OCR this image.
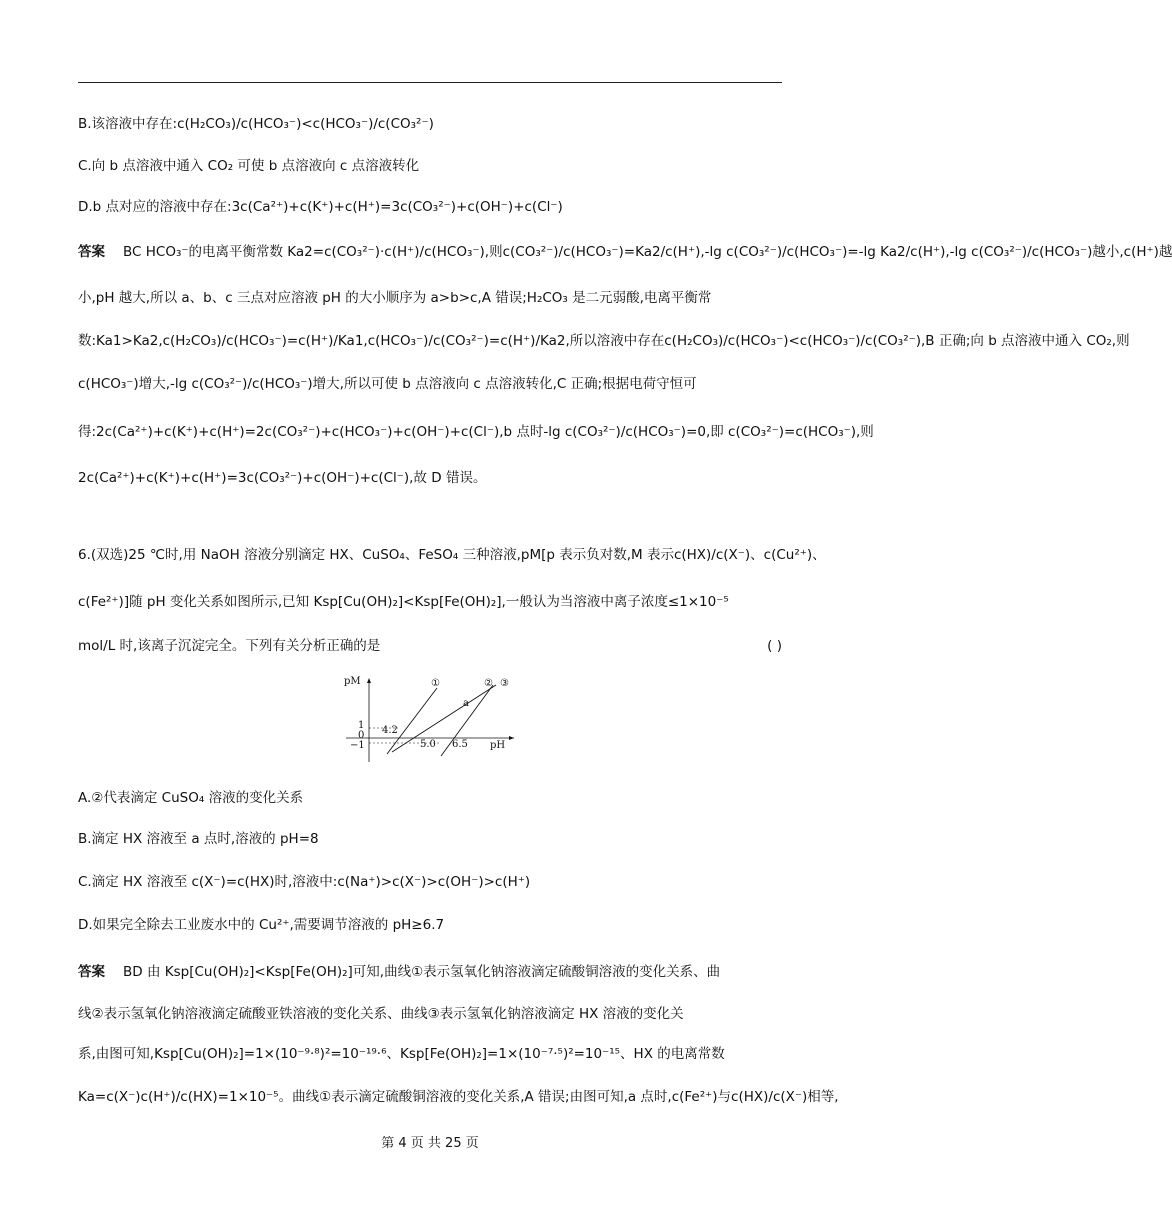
B.该溶液中存在:c(H₂CO₃)/c(HCO₃⁻)<c(HCO₃⁻)/c(CO₃²⁻)
C.向 b 点溶液中通入 CO₂ 可使 b 点溶液向 c 点溶液转化
D.b 点对应的溶液中存在:3c(Ca²⁺)+c(K⁺)+c(H⁺)=3c(CO₃²⁻)+c(OH⁻)+c(Cl⁻)
答案 BC HCO₃⁻的电离平衡常数 Ka2=c(CO₃²⁻)·c(H⁺)/c(HCO₃⁻),则c(CO₃²⁻)/c(HCO₃⁻)=Ka2/c(H⁺),-lg c(CO₃²⁻)/c(HCO₃⁻)=-lg Ka2/c(H⁺),-lg c(CO₃²⁻)/c(HCO₃⁻)越小,c(H⁺)越
小,pH 越大,所以 a、b、c 三点对应溶液 pH 的大小顺序为 a>b>c,A 错误;H₂CO₃ 是二元弱酸,电离平衡常
数:Ka1>Ka2,c(H₂CO₃)/c(HCO₃⁻)=c(H⁺)/Ka1,c(HCO₃⁻)/c(CO₃²⁻)=c(H⁺)/Ka2,所以溶液中存在c(H₂CO₃)/c(HCO₃⁻)<c(HCO₃⁻)/c(CO₃²⁻),B 正确;向 b 点溶液中通入 CO₂,则
c(HCO₃⁻)增大,-lg c(CO₃²⁻)/c(HCO₃⁻)增大,所以可使 b 点溶液向 c 点溶液转化,C 正确;根据电荷守恒可
得:2c(Ca²⁺)+c(K⁺)+c(H⁺)=2c(CO₃²⁻)+c(HCO₃⁻)+c(OH⁻)+c(Cl⁻),b 点时-lg c(CO₃²⁻)/c(HCO₃⁻)=0,即 c(CO₃²⁻)=c(HCO₃⁻),则
2c(Ca²⁺)+c(K⁺)+c(H⁺)=3c(CO₃²⁻)+c(OH⁻)+c(Cl⁻),故 D 错误。
6.(双选)25 ℃时,用 NaOH 溶液分别滴定 HX、CuSO₄、FeSO₄ 三种溶液,pM[p 表示负对数,M 表示c(HX)/c(X⁻)、c(Cu²⁺)、
c(Fe²⁺)]随 pH 变化关系如图所示,已知 Ksp[Cu(OH)₂]<Ksp[Fe(OH)₂],一般认为当溶液中离子浓度≤1×10⁻⁵
mol/L 时,该离子沉淀完全。下列有关分析正确的是	( )
pM
pH
1
0
−1
4.2
5.0 6.5
a
①	② ③
A.②代表滴定 CuSO₄ 溶液的变化关系
B.滴定 HX 溶液至 a 点时,溶液的 pH=8
C.滴定 HX 溶液至 c(X⁻)=c(HX)时,溶液中:c(Na⁺)>c(X⁻)>c(OH⁻)>c(H⁺)
D.如果完全除去工业废水中的 Cu²⁺,需要调节溶液的 pH≥6.7
答案 BD 由 Ksp[Cu(OH)₂]<Ksp[Fe(OH)₂]可知,曲线①表示氢氧化钠溶液滴定硫酸铜溶液的变化关系、曲
线②表示氢氧化钠溶液滴定硫酸亚铁溶液的变化关系、曲线③表示氢氧化钠溶液滴定 HX 溶液的变化关
系,由图可知,Ksp[Cu(OH)₂]=1×(10⁻⁹·⁸)²=10⁻¹⁹·⁶、Ksp[Fe(OH)₂]=1×(10⁻⁷·⁵)²=10⁻¹⁵、HX 的电离常数
Ka=c(X⁻)c(H⁺)/c(HX)=1×10⁻⁵。曲线①表示滴定硫酸铜溶液的变化关系,A 错误;由图可知,a 点时,c(Fe²⁺)与c(HX)/c(X⁻)相等,
第 4 页 共 25 页
